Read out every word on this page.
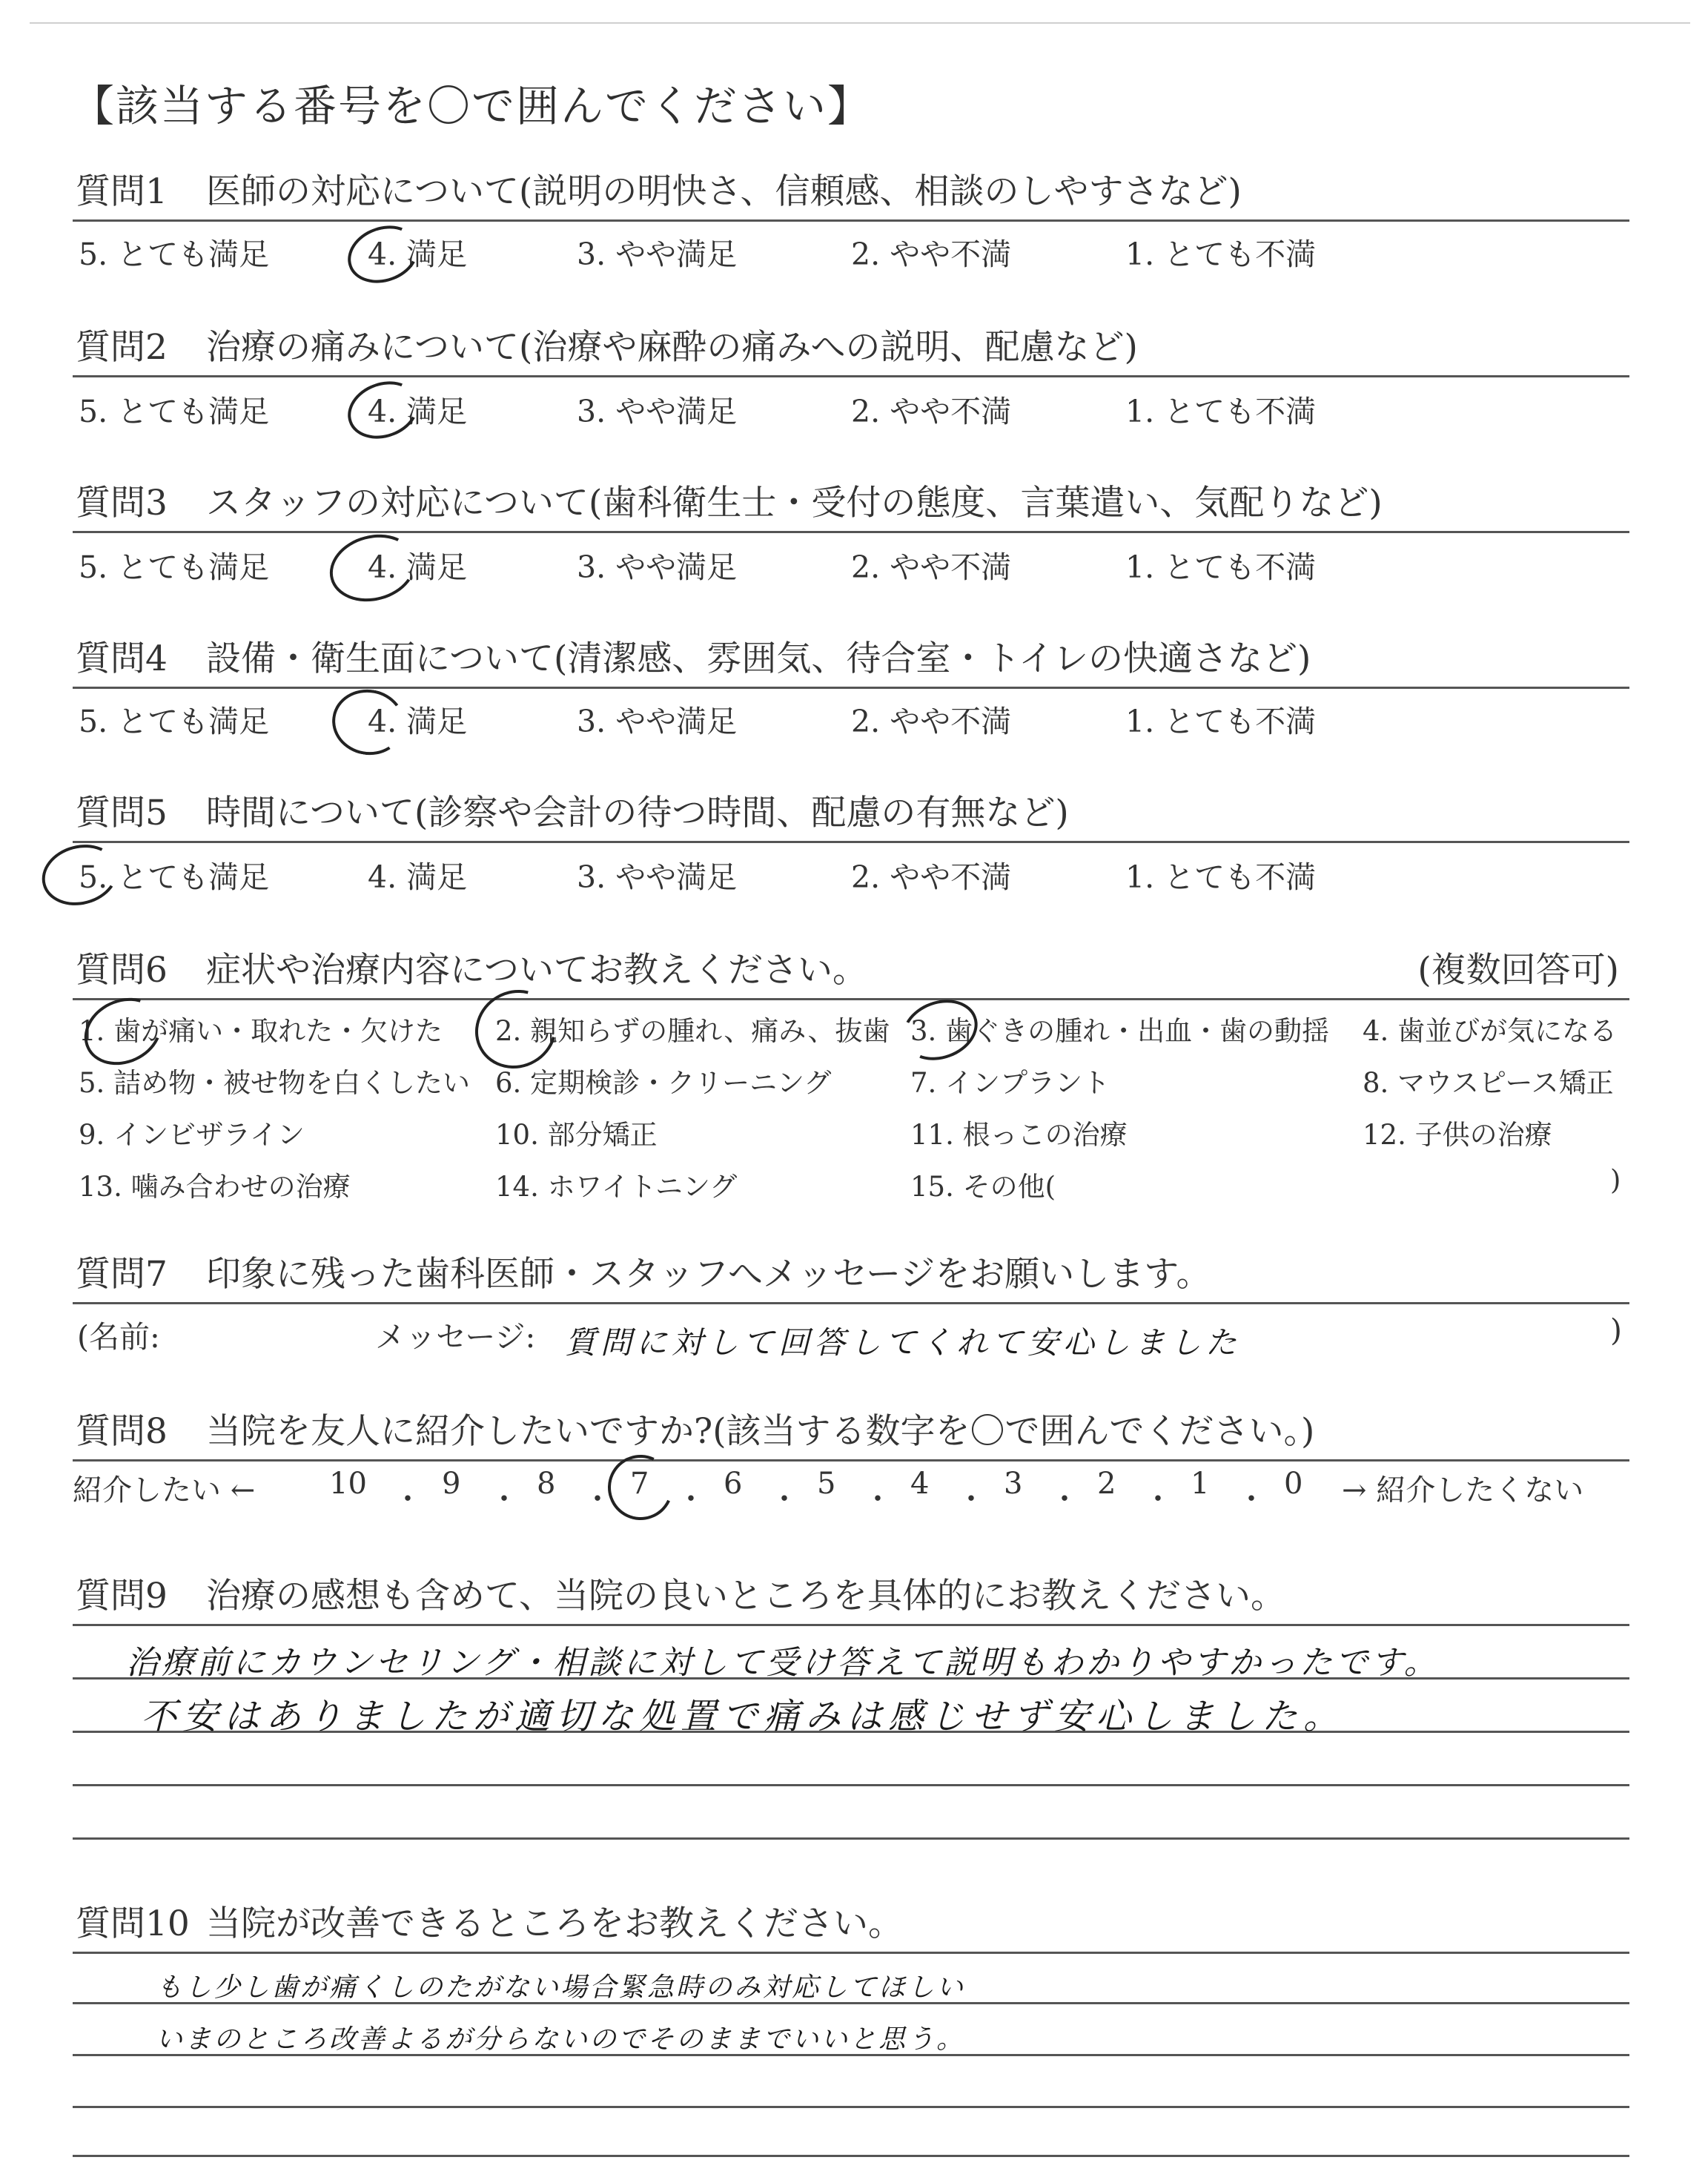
【該当する番号を〇で囲んでください】
質問1 医師の対応について(説明の明快さ、信頼感、相談のしやすさなど)
5. とても満足	4. 満足	3. やや満足	2. やや不満	1. とても不満
質問2 治療の痛みについて(治療や麻酔の痛みへの説明、配慮など)
5. とても満足	4. 満足	3. やや満足	2. やや不満	1. とても不満
質問3 スタッフの対応について(歯科衛生士・受付の態度、言葉遣い、気配りなど)
5. とても満足	4. 満足	3. やや満足	2. やや不満	1. とても不満
質問4 設備・衛生面について(清潔感、雰囲気、待合室・トイレの快適さなど)
5. とても満足	4. 満足	3. やや満足	2. やや不満	1. とても不満
質問5 時間について(診察や会計の待つ時間、配慮の有無など)
5. とても満足	4. 満足	3. やや満足	2. やや不満	1. とても不満
質問6 症状や治療内容についてお教えください。	(複数回答可)
1. 歯が痛い・取れた・欠けた 2. 親知らずの腫れ、痛み、抜歯 3. 歯ぐきの腫れ・出血・歯の動揺 4. 歯並びが気になる
5. 詰め物・被せ物を白くしたい 6. 定期検診・クリーニング	7. インプラント	8. マウスピース矯正
9. インビザライン	10. 部分矯正	11. 根っこの治療	12. 子供の治療
13. 噛み合わせの治療	14. ホワイトニング	15. その他(	)
質問7 印象に残った歯科医師・スタッフへメッセージをお願いします。
(名前:	メッセージ: 質問に対して回答してくれて安心しました	)
質問8 当院を友人に紹介したいですか?(該当する数字を〇で囲んでください。)
紹介したい ← 10	9	8	7	6	5	4	3	2	1	0 → 紹介したくない
・ ・ ・ ・ ・ ・ ・ ・ ・ ・
質問9 治療の感想も含めて、当院の良いところを具体的にお教えください。
治療前にカウンセリング・相談に対して受け答えて説明もわかりやすかったです。
不安はありましたが適切な処置で痛みは感じせず安心しました。
質問10 当院が改善できるところをお教えください。
もし少し歯が痛くしのたがない場合緊急時のみ対応してほしい
いまのところ改善よるが分らないのでそのままでいいと思う。
